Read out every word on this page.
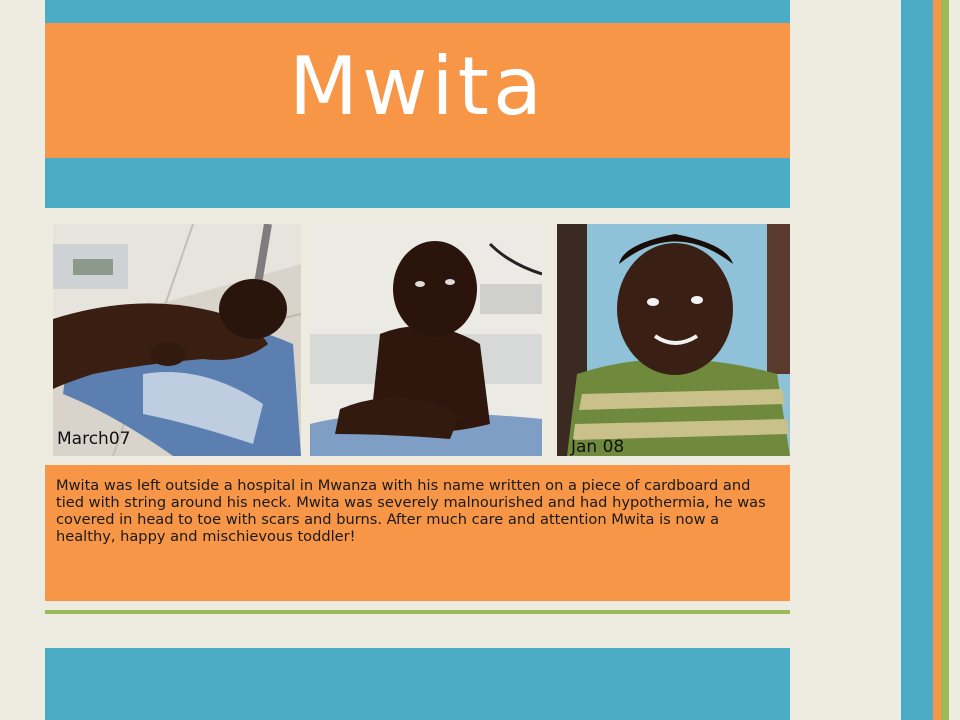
Mwita
March07	Jan 08

Mwita was left outside a hospital in Mwanza with his name written on a piece of cardboard and tied with string around his neck. Mwita was severely malnourished and had hypothermia, he was covered in head to toe with scars and burns. After much care and attention Mwita is now a healthy, happy and mischievous toddler!
